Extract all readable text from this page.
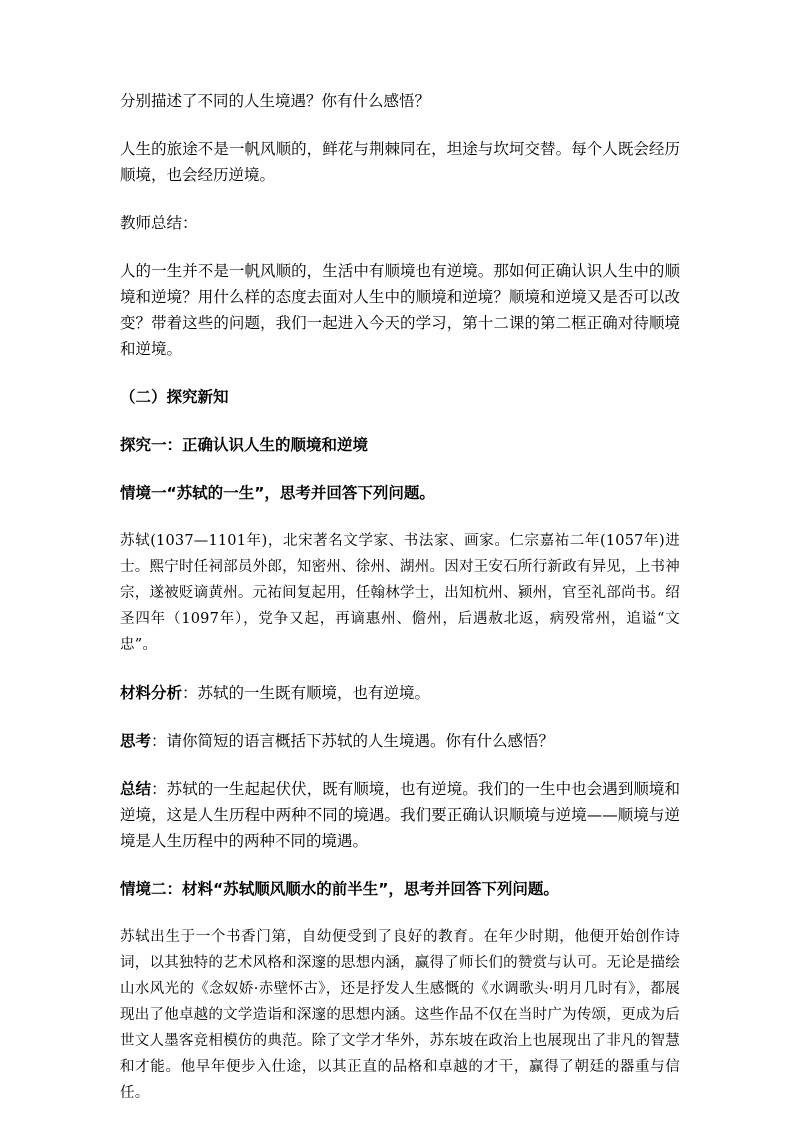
分别描述了不同的人生境遇？你有什么感悟？

人生的旅途不是一帆风顺的，鲜花与荆棘同在，坦途与坎坷交替。每个人既会经历顺境，也会经历逆境。

教师总结：

人的一生并不是一帆风顺的，生活中有顺境也有逆境。那如何正确认识人生中的顺境和逆境？用什么样的态度去面对人生中的顺境和逆境？顺境和逆境又是否可以改变？带着这些的问题，我们一起进入今天的学习，第十二课的第二框正确对待顺境和逆境。

（二）探究新知

探究一：正确认识人生的顺境和逆境

情境一“苏轼的一生”，思考并回答下列问题。

苏轼(1037—1101年)，北宋著名文学家、书法家、画家。仁宗嘉祐二年(1057年)进士。熙宁时任祠部员外郎，知密州、徐州、湖州。因对王安石所行新政有异见，上书神宗，遂被贬谪黄州。元祐间复起用，任翰林学士，出知杭州、颍州，官至礼部尚书。绍圣四年（1097年），党争又起，再谪惠州、儋州，后遇赦北返，病殁常州，追谥“文忠”。

材料分析：苏轼的一生既有顺境，也有逆境。

思考：请你简短的语言概括下苏轼的人生境遇。你有什么感悟？

总结：苏轼的一生起起伏伏，既有顺境，也有逆境。我们的一生中也会遇到顺境和逆境，这是人生历程中两种不同的境遇。我们要正确认识顺境与逆境——顺境与逆境是人生历程中的两种不同的境遇。

情境二：材料“苏轼顺风顺水的前半生”，思考并回答下列问题。

苏轼出生于一个书香门第，自幼便受到了良好的教育。在年少时期，他便开始创作诗词，以其独特的艺术风格和深邃的思想内涵，赢得了师长们的赞赏与认可。无论是描绘山水风光的《念奴娇·赤壁怀古》，还是抒发人生感慨的《水调歌头·明月几时有》，都展现出了他卓越的文学造诣和深邃的思想内涵。这些作品不仅在当时广为传颂，更成为后世文人墨客竞相模仿的典范。除了文学才华外，苏东坡在政治上也展现出了非凡的智慧和才能。他早年便步入仕途，以其正直的品格和卓越的才干，赢得了朝廷的器重与信任。
